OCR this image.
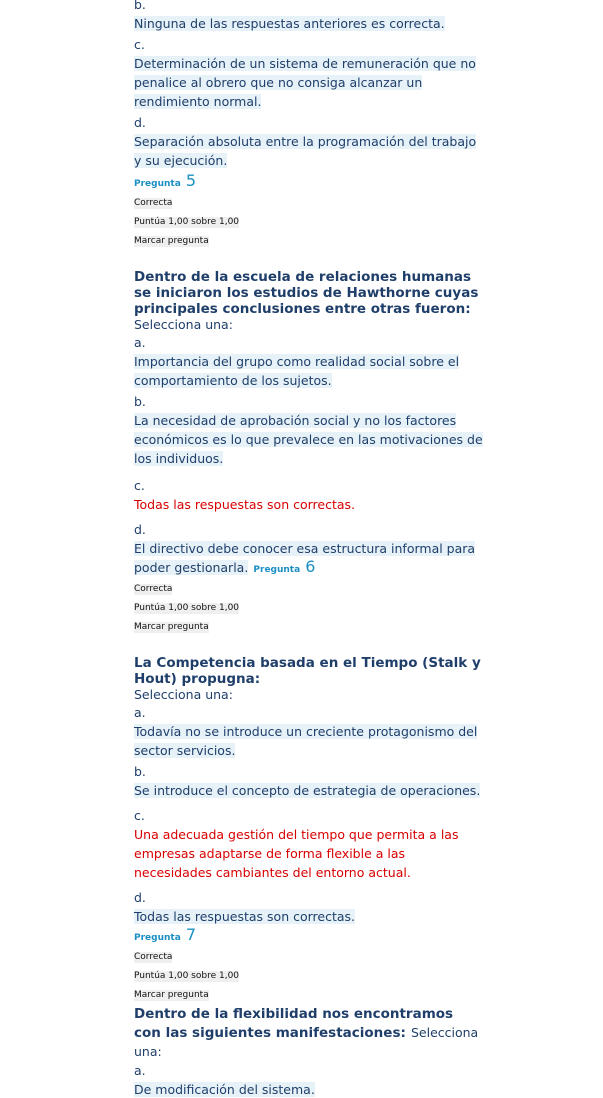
b.
Ninguna de las respuestas anteriores es correcta.
c.
Determinación de un sistema de remuneración que no penalice al obrero que no consiga alcanzar un rendimiento normal.
d.
Separación absoluta entre la programación del trabajo y su ejecución.

Pregunta 5
Correcta
Puntúa 1,00 sobre 1,00
Marcar pregunta
Dentro de la escuela de relaciones humanas se iniciaron los estudios de Hawthorne cuyas principales conclusiones entre otras fueron:
Selecciona una:
a.
Importancia del grupo como realidad social sobre el comportamiento de los sujetos.
b.
La necesidad de aprobación social y no los factores económicos es lo que prevalece en las motivaciones de los individuos.
c.
Todas las respuestas son correctas.
d.
El directivo debe conocer esa estructura informal para poder gestionarla. Pregunta 6
Correcta
Puntúa 1,00 sobre 1,00
Marcar pregunta
La Competencia basada en el Tiempo (Stalk y Hout) propugna:
Selecciona una:
a.
Todavía no se introduce un creciente protagonismo del sector servicios.
b.
Se introduce el concepto de estrategia de operaciones.
c.
Una adecuada gestión del tiempo que permita a las empresas adaptarse de forma flexible a las necesidades cambiantes del entorno actual.
d.
Todas las respuestas son correctas.
Pregunta 7
Correcta
Puntúa 1,00 sobre 1,00
Marcar pregunta
Dentro de la flexibilidad nos encontramos con las siguientes manifestaciones: Selecciona una:
a.
De modificación del sistema.
